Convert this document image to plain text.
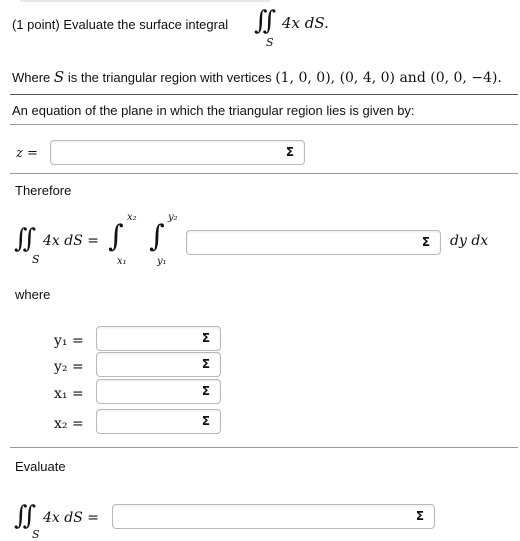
(1 point) Evaluate the surface integral ∬ 4x dS.
S
Where S is the triangular region with vertices (1, 0, 0), (0, 4, 0) and (0, 0, −4).
An equation of the plane in which the triangular region lies is given by:
z =	Σ
Therefore
∬ 4x dS =
S
∫
x₂
x₁
∫
y₂
y₁
Σ dy dx
where
y₁ =	Σ
y₂ =	Σ
x₁ =	Σ
x₂ =	Σ
Evaluate
∬ 4x dS =
S
Σ
